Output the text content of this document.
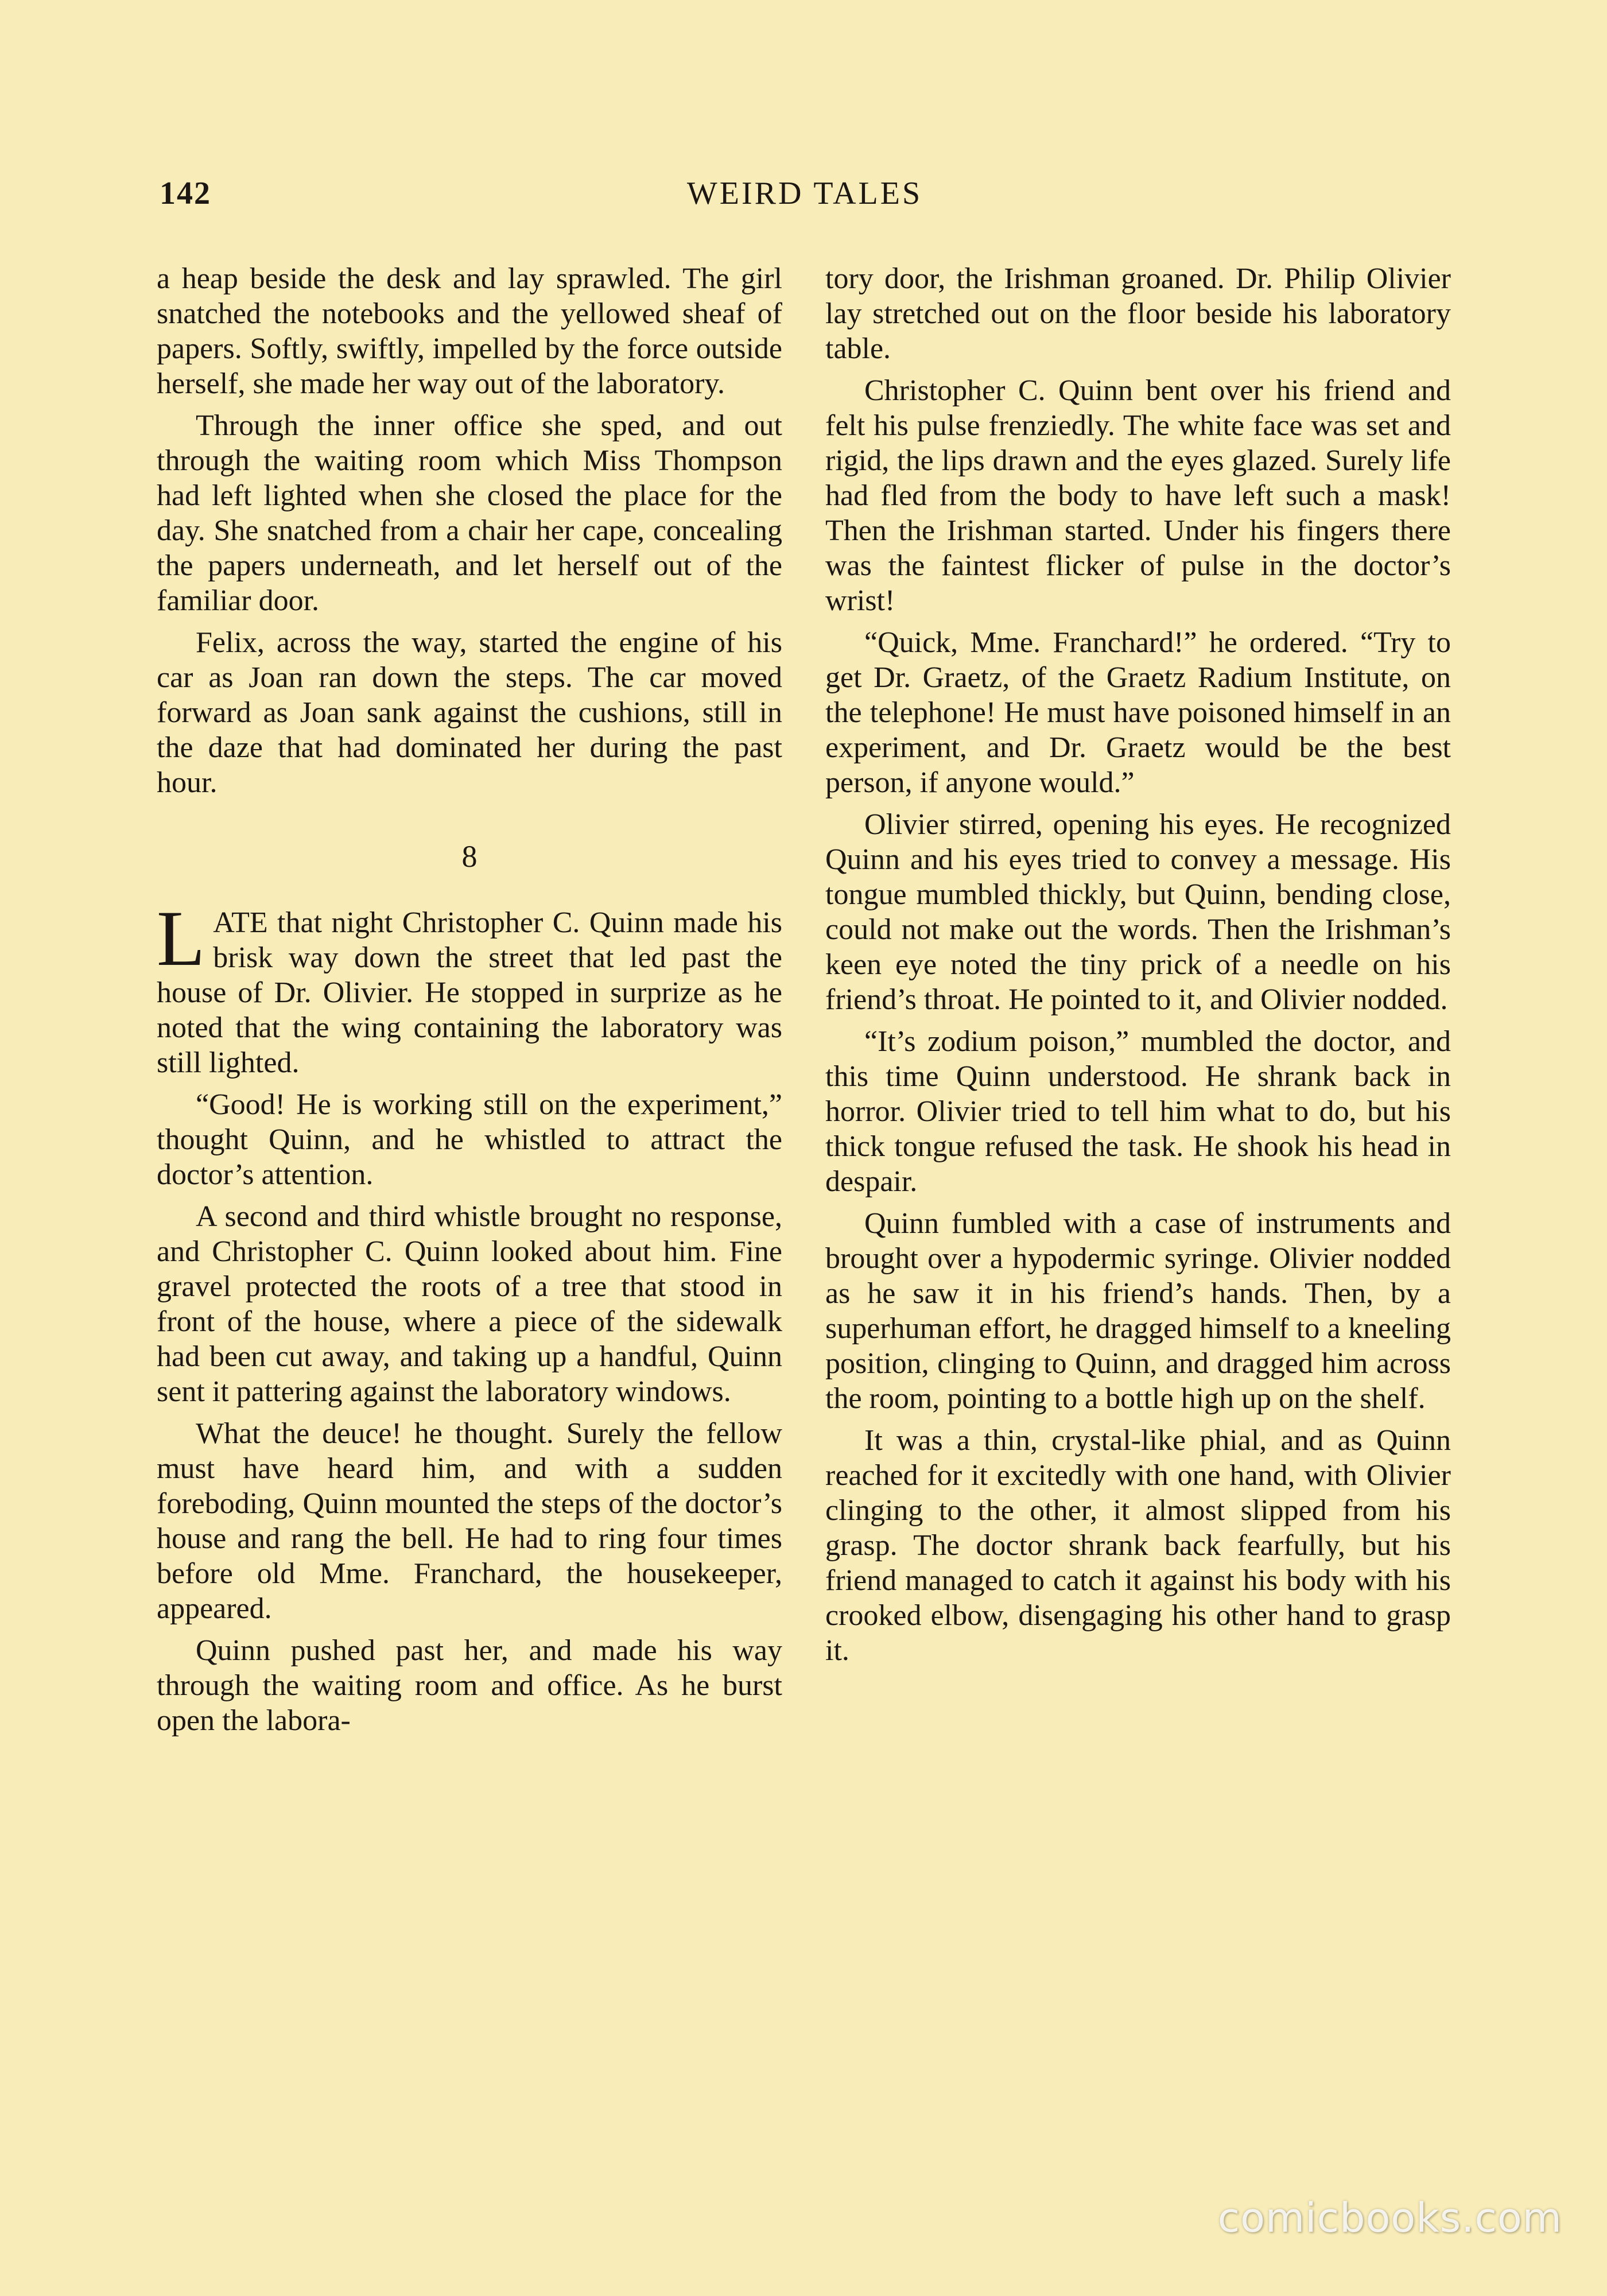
142	WEIRD TALES

a heap beside the desk and lay sprawled. The girl snatched the notebooks and the yellowed sheaf of papers. Softly, swiftly, impelled by the force outside herself, she made her way out of the laboratory.

Through the inner office she sped, and out through the waiting room which Miss Thompson had left lighted when she closed the place for the day. She snatched from a chair her cape, concealing the papers underneath, and let herself out of the familiar door.

Felix, across the way, started the engine of his car as Joan ran down the steps. The car moved forward as Joan sank against the cushions, still in the daze that had dominated her during the past hour.

8

LATE that night Christopher C. Quinn made his brisk way down the street that led past the house of Dr. Olivier. He stopped in surprize as he noted that the wing containing the laboratory was still lighted.

“Good! He is working still on the experiment,” thought Quinn, and he whistled to attract the doctor’s attention.

A second and third whistle brought no response, and Christopher C. Quinn looked about him. Fine gravel protected the roots of a tree that stood in front of the house, where a piece of the sidewalk had been cut away, and taking up a handful, Quinn sent it pattering against the laboratory windows.

What the deuce! he thought. Surely the fellow must have heard him, and with a sudden foreboding, Quinn mounted the steps of the doctor’s house and rang the bell. He had to ring four times before old Mme. Franchard, the housekeeper, appeared.

Quinn pushed past her, and made his way through the waiting room and office. As he burst open the labora-

tory door, the Irishman groaned. Dr. Philip Olivier lay stretched out on the floor beside his laboratory table.

Christopher C. Quinn bent over his friend and felt his pulse frenziedly. The white face was set and rigid, the lips drawn and the eyes glazed. Surely life had fled from the body to have left such a mask! Then the Irishman started. Under his fingers there was the faintest flicker of pulse in the doctor’s wrist!

“Quick, Mme. Franchard!” he ordered. “Try to get Dr. Graetz, of the Graetz Radium Institute, on the telephone! He must have poisoned himself in an experiment, and Dr. Graetz would be the best person, if anyone would.”

Olivier stirred, opening his eyes. He recognized Quinn and his eyes tried to convey a message. His tongue mumbled thickly, but Quinn, bending close, could not make out the words. Then the Irishman’s keen eye noted the tiny prick of a needle on his friend’s throat. He pointed to it, and Olivier nodded.

“It’s zodium poison,” mumbled the doctor, and this time Quinn understood. He shrank back in horror. Olivier tried to tell him what to do, but his thick tongue refused the task. He shook his head in despair.

Quinn fumbled with a case of instruments and brought over a hypodermic syringe. Olivier nodded as he saw it in his friend’s hands. Then, by a superhuman effort, he dragged himself to a kneeling position, clinging to Quinn, and dragged him across the room, pointing to a bottle high up on the shelf.

It was a thin, crystal-like phial, and as Quinn reached for it excitedly with one hand, with Olivier clinging to the other, it almost slipped from his grasp. The doctor shrank back fearfully, but his friend managed to catch it against his body with his crooked elbow, disengaging his other hand to grasp it.

comicbooks.com
